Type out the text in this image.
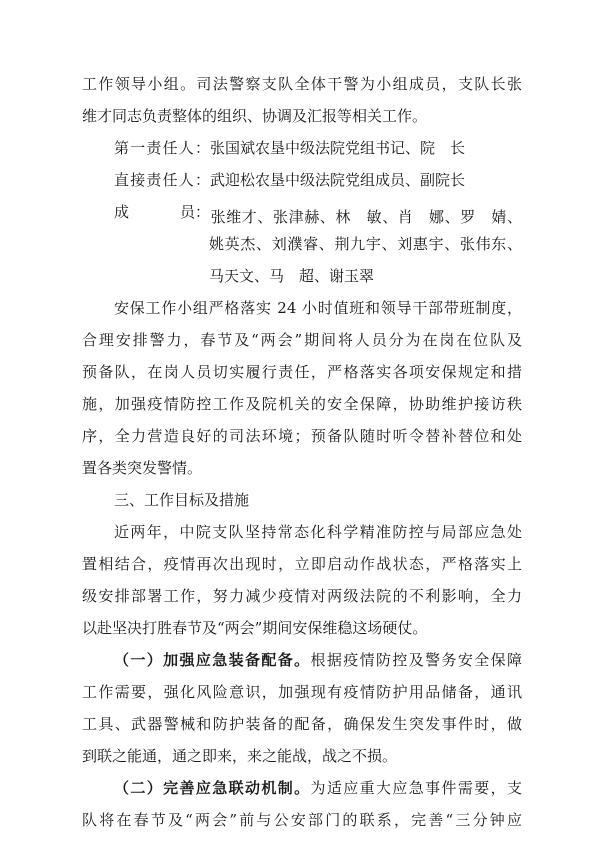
工作领导小组。司法警察支队全体干警为小组成员，支队长张
维才同志负责整体的组织、协调及汇报等相关工作。
第一责任人：张国斌农垦中级法院党组书记、院　长
直接责任人：武迎松农垦中级法院党组成员、副院长
成	员： 张维才、张津赫、林　敏、肖　娜、罗　婧、
姚英杰、刘濮睿、荆九宇、刘惠宇、张伟东、
马天文、马　超、谢玉翠
安保工作小组严格落实 24 小时值班和领导干部带班制度，
合理安排警力，春节及“两会”期间将人员分为在岗在位队及
预备队，在岗人员切实履行责任，严格落实各项安保规定和措
施，加强疫情防控工作及院机关的安全保障，协助维护接访秩
序，全力营造良好的司法环境；预备队随时听令替补替位和处
置各类突发警情。
三、工作目标及措施
近两年，中院支队坚持常态化科学精准防控与局部应急处
置相结合，疫情再次出现时，立即启动作战状态，严格落实上
级安排部署工作，努力减少疫情对两级法院的不利影响，全力
以赴坚决打胜春节及“两会”期间安保维稳这场硬仗。
（一）加强应急装备配备。根据疫情防控及警务安全保障
工作需要，强化风险意识，加强现有疫情防护用品储备，通讯
工具、武器警械和防护装备的配备，确保发生突发事件时，做
到联之能通，通之即来，来之能战，战之不损。
（二）完善应急联动机制。为适应重大应急事件需要，支
队将在春节及“两会”前与公安部门的联系，完善“三分钟应
